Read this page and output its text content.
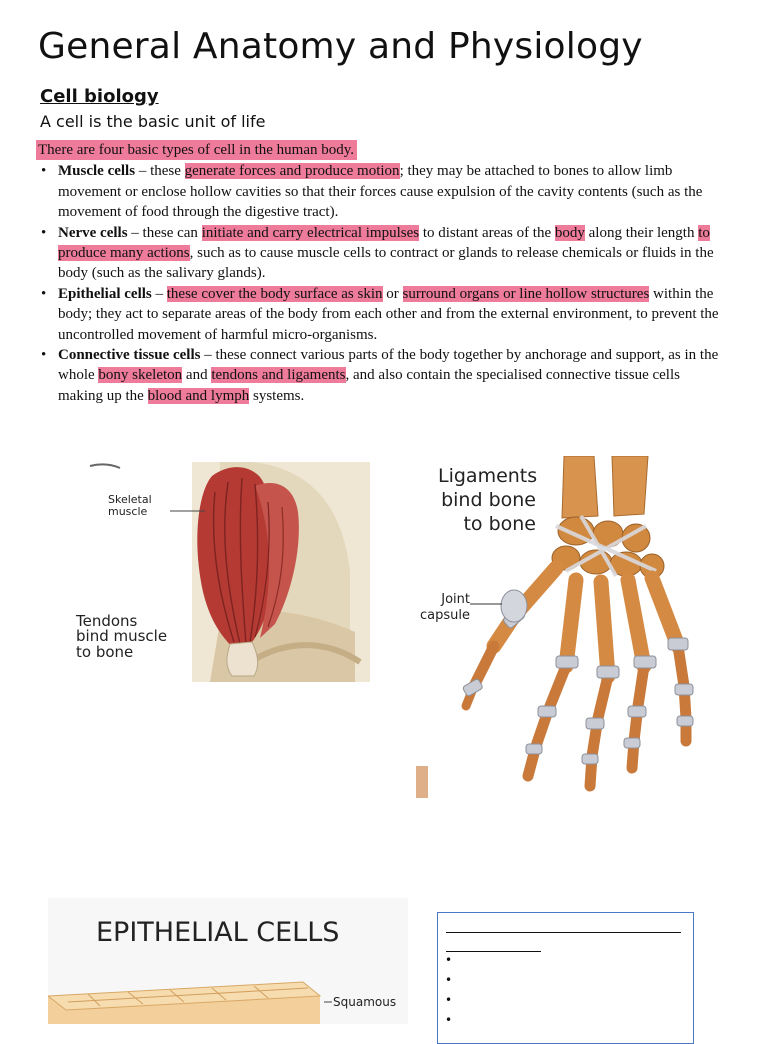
General Anatomy and Physiology
Cell biology
A cell is the basic unit of life
There are four basic types of cell in the human body.
• Muscle cells – these generate forces and produce motion; they may be attached to bones to allow limb movement or enclose hollow cavities so that their forces cause expulsion of the cavity contents (such as the movement of food through the digestive tract).
• Nerve cells – these can initiate and carry electrical impulses to distant areas of the body along their length to produce many actions, such as to cause muscle cells to contract or glands to release chemicals or fluids in the body (such as the salivary glands).
• Epithelial cells – these cover the body surface as skin or surround organs or line hollow structures within the body; they act to separate areas of the body from each other and from the external environment, to prevent the uncontrolled movement of harmful micro-organisms.
• Connective tissue cells – these connect various parts of the body together by anchorage and support, as in the whole bony skeleton and tendons and ligaments, and also contain the specialised connective tissue cells making up the blood and lymph systems.
Skeletal
muscle
Tendons
bind muscle
to bone
Ligaments
bind bone
to bone
Joint
capsule
EPITHELIAL CELLS
Squamous
•
•
•
•
